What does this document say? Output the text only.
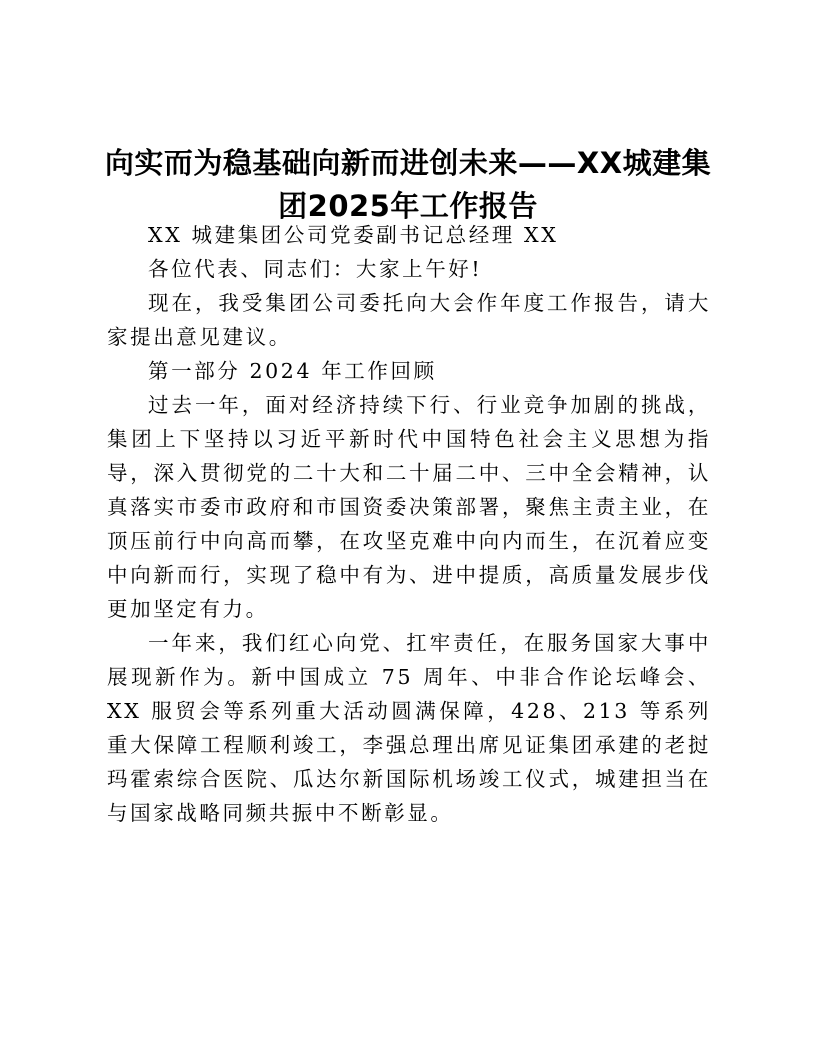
向实而为稳基础向新而进创未来——XX城建集团2025年工作报告

XX 城建集团公司党委副书记总经理 XX

各位代表、同志们：大家上午好!

现在，我受集团公司委托向大会作年度工作报告，请大家提出意见建议。

第一部分 2024 年工作回顾

过去一年，面对经济持续下行、行业竞争加剧的挑战，集团上下坚持以习近平新时代中国特色社会主义思想为指导，深入贯彻党的二十大和二十届二中、三中全会精神，认真落实市委市政府和市国资委决策部署，聚焦主责主业，在顶压前行中向高而攀，在攻坚克难中向内而生，在沉着应变中向新而行，实现了稳中有为、进中提质，高质量发展步伐更加坚定有力。

一年来，我们红心向党、扛牢责任，在服务国家大事中展现新作为。新中国成立 75 周年、中非合作论坛峰会、XX 服贸会等系列重大活动圆满保障，428、213 等系列重大保障工程顺利竣工，李强总理出席见证集团承建的老挝玛霍索综合医院、瓜达尔新国际机场竣工仪式，城建担当在与国家战略同频共振中不断彰显。
